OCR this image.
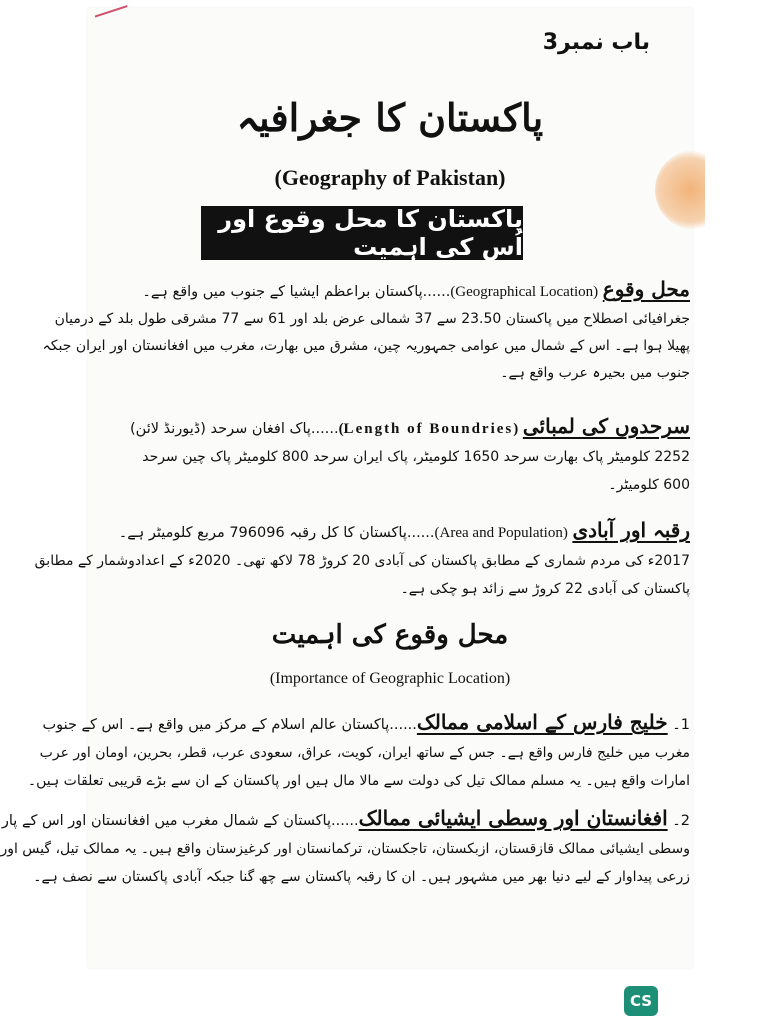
باب نمبر3
پاکستان کا جغرافیہ
(Geography of Pakistan)
پاکستان کا محل وقوع اور اُس کی اہمیت
محل وقوع (Geographical Location)......پاکستان براعظم ایشیا کے جنوب میں واقع ہے۔
جغرافیائی اصطلاح میں پاکستان 23.50 سے 37 شمالی عرض بلد اور 61 سے 77 مشرقی طول بلد کے درمیان
پھیلا ہوا ہے۔ اس کے شمال میں عوامی جمہوریہ چین، مشرق میں بھارت، مغرب میں افغانستان اور ایران جبکہ
جنوب میں بحیرہ عرب واقع ہے۔
سرحدوں کی لمبائی (Length of Boundries)......پاک افغان سرحد (ڈیورنڈ لائن)
2252 کلومیٹر پاک بھارت سرحد 1650 کلومیٹر، پاک ایران سرحد 800 کلومیٹر پاک چین سرحد
600 کلومیٹر۔
رقبہ اور آبادی (Area and Population)......پاکستان کا کل رقبہ 796096 مربع کلومیٹر ہے۔
2017ء کی مردم شماری کے مطابق پاکستان کی آبادی 20 کروڑ 78 لاکھ تھی۔ 2020ء کے اعدادوشمار کے مطابق
پاکستان کی آبادی 22 کروڑ سے زائد ہو چکی ہے۔
محل وقوع کی اہمیت
(Importance of Geographic Location)
1۔ خلیج فارس کے اسلامی ممالک......پاکستان عالم اسلام کے مرکز میں واقع ہے۔ اس کے جنوب
مغرب میں خلیج فارس واقع ہے۔ جس کے ساتھ ایران، کویت، عراق، سعودی عرب، قطر، بحرین، اومان اور عرب
امارات واقع ہیں۔ یہ مسلم ممالک تیل کی دولت سے مالا مال ہیں اور پاکستان کے ان سے بڑے قریبی تعلقات ہیں۔
2۔ افغانستان اور وسطی ایشیائی ممالک......پاکستان کے شمال مغرب میں افغانستان اور اس کے پار
وسطی ایشیائی ممالک قازقستان، ازبکستان، تاجکستان، ترکمانستان اور کرغیزستان واقع ہیں۔ یہ ممالک تیل، گیس اور
زرعی پیداوار کے لیے دنیا بھر میں مشہور ہیں۔ ان کا رقبہ پاکستان سے چھ گنا جبکہ آبادی پاکستان سے نصف ہے۔
CS
